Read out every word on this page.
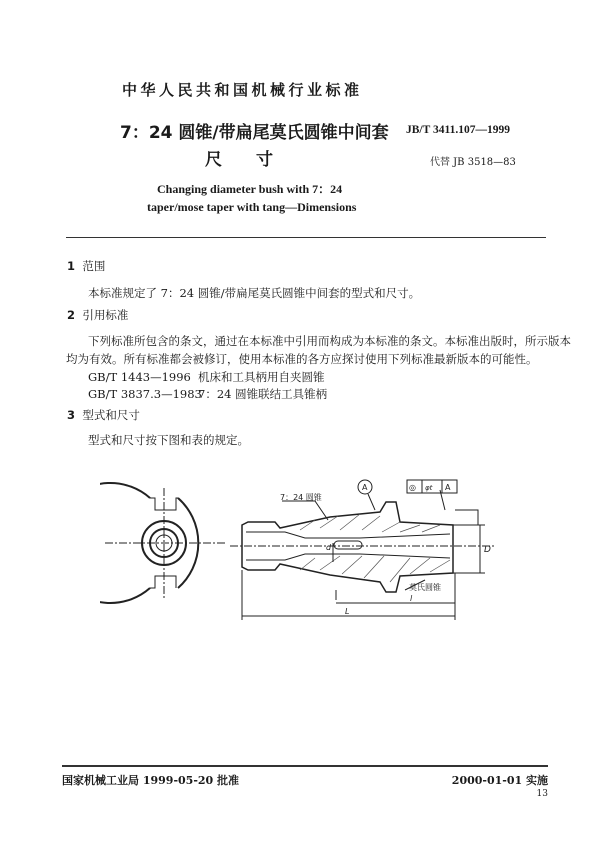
中华人民共和国机械行业标准
7：24 圆锥/带扁尾莫氏圆锥中间套
尺　　寸
JB/T 3411.107—1999
代替 JB 3518—83
Changing diameter bush with 7：24
taper/mose taper with tang—Dimensions
1 范围
本标准规定了 7：24 圆锥/带扁尾莫氏圆锥中间套的型式和尺寸。
2 引用标准
下列标准所包含的条文，通过在本标准中引用而构成为本标准的条文。本标准出版时，所示版本
均为有效。所有标准都会被修订，使用本标准的各方应探讨使用下列标准最新版本的可能性。
GB/T 1443—1996 机床和工具柄用自夹圆锥
GB/T 3837.3—19837：24 圆锥联结工具锥柄
3 型式和尺寸
型式和尺寸按下图和表的规定。
7：24 圆锥
A	◎ φt A
d	D
莫氏圆锥
l
L
国家机械工业局 1999-05-20 批准	2000-01-01 实施
13
